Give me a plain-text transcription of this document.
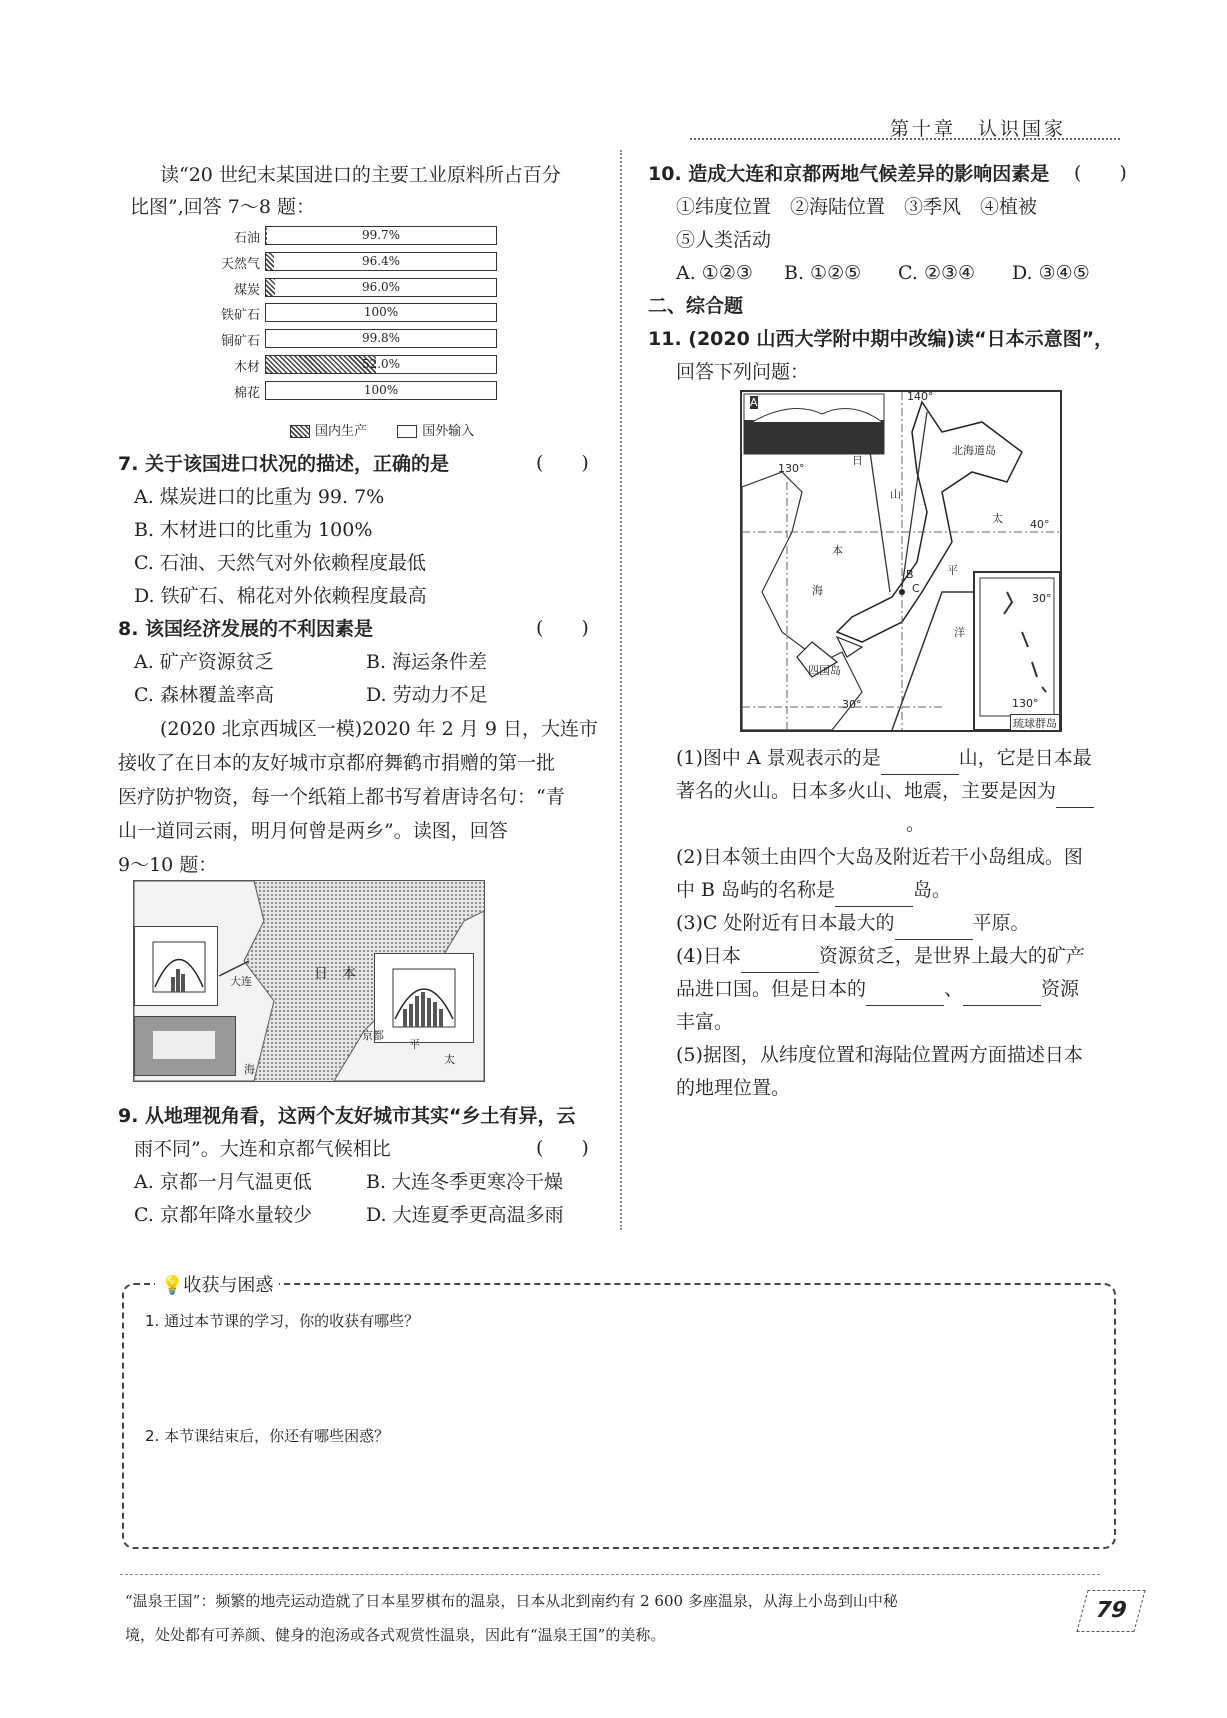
第十章　认识国家
读“20 世纪末某国进口的主要工业原料所占百分
比图”,回答 7～8 题：
石油	99.7%
天然气	96.4%
煤炭	96.0%
铁矿石	100%
铜矿石	99.8%
木材	52.0%
棉花	100%
国内生产	国外输入
7. 关于该国进口状况的描述，正确的是	(　　)
A. 煤炭进口的比重为 99. 7%
B. 木材进口的比重为 100%
C. 石油、天然气对外依赖程度最低
D. 铁矿石、棉花对外依赖程度最高
8. 该国经济发展的不利因素是	(　　)
A. 矿产资源贫乏	B. 海运条件差
C. 森林覆盖率高	D. 劳动力不足
(2020 北京西城区一模)2020 年 2 月 9 日，大连市
接收了在日本的友好城市京都府舞鹤市捐赠的第一批
医疗防护物资，每一个纸箱上都书写着唐诗名句：“青
山一道同云雨，明月何曾是两乡”。读图，回答
9～10 题：
大连	日　本
京都
海
太
平
9. 从地理视角看，这两个友好城市其实“乡土有异，云
雨不同”。大连和京都气候相比	(　　)
A. 京都一月气温更低	B. 大连冬季更寒冷干燥
C. 京都年降水量较少	D. 大连夏季更高温多雨
10. 造成大连和京都两地气候差异的影响因素是 (　　)
①纬度位置　②海陆位置　③季风　④植被
⑤人类活动
A. ①②③ B. ①②⑤ C. ②③④ D. ③④⑤
二、综合题
11. (2020 山西大学附中期中改编)读“日本示意图”，
回答下列问题：
A	140°
130°
40°
30°
30°	130°
北海道岛
四国岛
琉球群岛
B
C
日
本
海
山
太
平
洋
(1)图中 A 景观表示的是	山，它是日本最
著名的火山。日本多火山、地震，主要是因为
。
(2)日本领土由四个大岛及附近若干小岛组成。图
中 B 岛屿的名称是	岛。
(3)C 处附近有日本最大的	平原。
(4)日本	资源贫乏，是世界上最大的矿产
品进口国。但是日本的	、	资源
丰富。
(5)据图，从纬度位置和海陆位置两方面描述日本
的地理位置。
💡收获与困惑
1. 通过本节课的学习，你的收获有哪些？
2. 本节课结束后，你还有哪些困惑？
“温泉王国”：频繁的地壳运动造就了日本星罗棋布的温泉，日本从北到南约有 2 600 多座温泉，从海上小岛到山中秘
境，处处都有可养颜、健身的泡汤或各式观赏性温泉，因此有“温泉王国”的美称。
79
